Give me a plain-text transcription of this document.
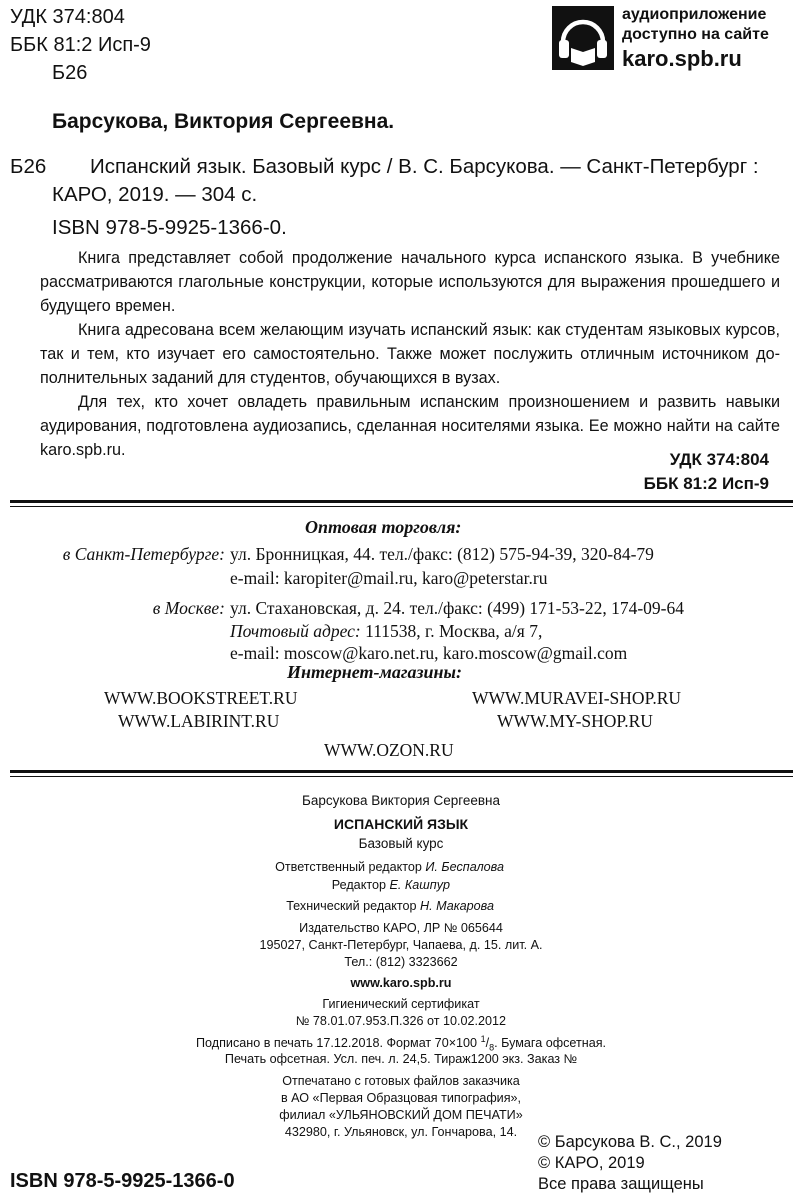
УДК 374:804
ББК 81:2 Исп-9
Б26
аудиоприложение
доступно на сайте
karo.spb.ru
Барсукова, Виктория Сергеевна.
Б26 Испанский язык. Базовый курс / В. С. Барсукова. — Санкт-Петербург :
КАРО, 2019. — 304 с.
ISBN 978-5-9925-1366-0.
Книга представляет собой продолжение начального курса испанского языка. В учебнике рассматриваются глагольные конструкции, которые используются для выражения прошедшего и будущего времен.
Книга адресована всем желающим изучать испанский язык: как студентам языковых курсов, так и тем, кто изучает его самостоятельно. Также может послужить отличным источником дополнительных заданий для студентов, обучающихся в вузах.
Для тех, кто хочет овладеть правильным испанским произношением и развить навыки аудирования, подготовлена аудиозапись, сделанная носителями языка. Ее можно найти на сайте karo.spb.ru.	УДК 374:804
ББК 81:2 Исп-9
Оптовая торговля:
в Санкт-Петербурге: ул. Бронницкая, 44. тел./факс: (812) 575-94-39, 320-84-79
e-mail: karopiter@mail.ru, karo@peterstar.ru
в Москве: ул. Стахановская, д. 24. тел./факс: (499) 171-53-22, 174-09-64
Почтовый адрес: 111538, г. Москва, а/я 7,
e-mail: moscow@karo.net.ru, karo.moscow@gmail.com
Интернет-магазины:
WWW.BOOKSTREET.RU
WWW.LABIRINT.RU
WWW.MURAVEI-SHOP.RU
WWW.MY-SHOP.RU
WWW.OZON.RU
Барсукова Виктория Сергеевна
ИСПАНСКИЙ ЯЗЫК
Базовый курс
Ответственный редактор И. Беспалова
Редактор Е. Кашпур
Технический редактор Н. Макарова
Издательство КАРО, ЛР № 065644
195027, Санкт-Петербург, Чапаева, д. 15. лит. А.
Тел.: (812) 3323662
www.karo.spb.ru
Гигиенический сертификат
№ 78.01.07.953.П.326 от 10.02.2012
Подписано в печать 17.12.2018. Формат 70×100 $^1/_8$. Бумага офсетная.
Печать офсетная. Усл. печ. л. 24,5. Тираж1200 экз. Заказ №
Отпечатано с готовых файлов заказчика
в АО «Первая Образцовая типография»,
филиал «УЛЬЯНОВСКИЙ ДОМ ПЕЧАТИ»
432980, г. Ульяновск, ул. Гончарова, 14.
© Барсукова В. С., 2019
© КАРО, 2019
ISBN 978-5-9925-1366-0	Все права защищены
